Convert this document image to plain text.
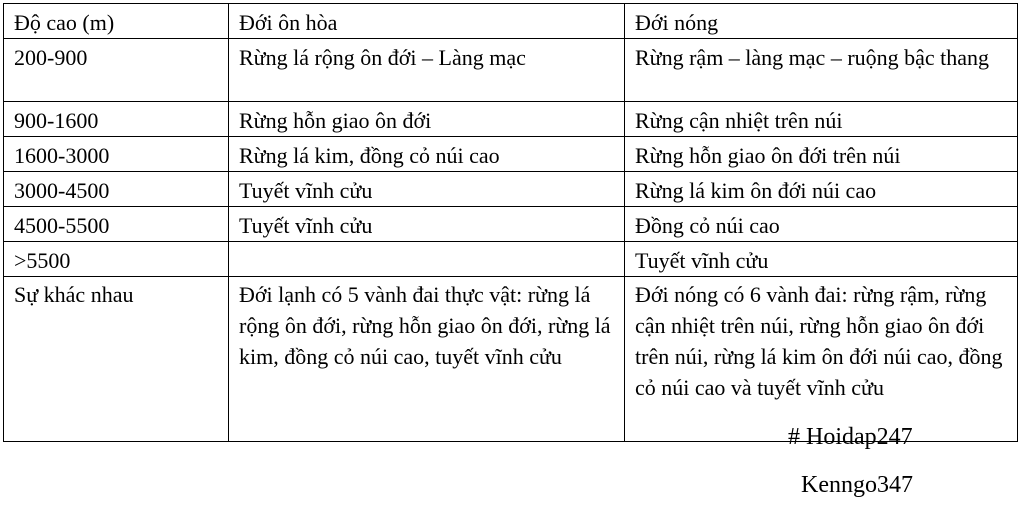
Độ cao (m)	Đới ôn hòa	Đới nóng
200-900	Rừng lá rộng ôn đới – Làng mạc	Rừng rậm – làng mạc – ruộng bậc thang
900-1600	Rừng hỗn giao ôn đới	Rừng cận nhiệt trên núi
1600-3000	Rừng lá kim, đồng cỏ núi cao	Rừng hỗn giao ôn đới trên núi
3000-4500	Tuyết vĩnh cửu	Rừng lá kim ôn đới núi cao
4500-5500	Tuyết vĩnh cửu	Đồng cỏ núi cao
>5500		Tuyết vĩnh cửu
Sự khác nhau	Đới lạnh có 5 vành đai thực vật: rừng lá rộng ôn đới, rừng hỗn giao ôn đới, rừng lá kim, đồng cỏ núi cao, tuyết vĩnh cửu	Đới nóng có 6 vành đai: rừng rậm, rừng cận nhiệt trên núi, rừng hỗn giao ôn đới trên núi, rừng lá kim ôn đới núi cao, đồng cỏ núi cao và tuyết vĩnh cửu
# Hoidap247
Kenngo347
